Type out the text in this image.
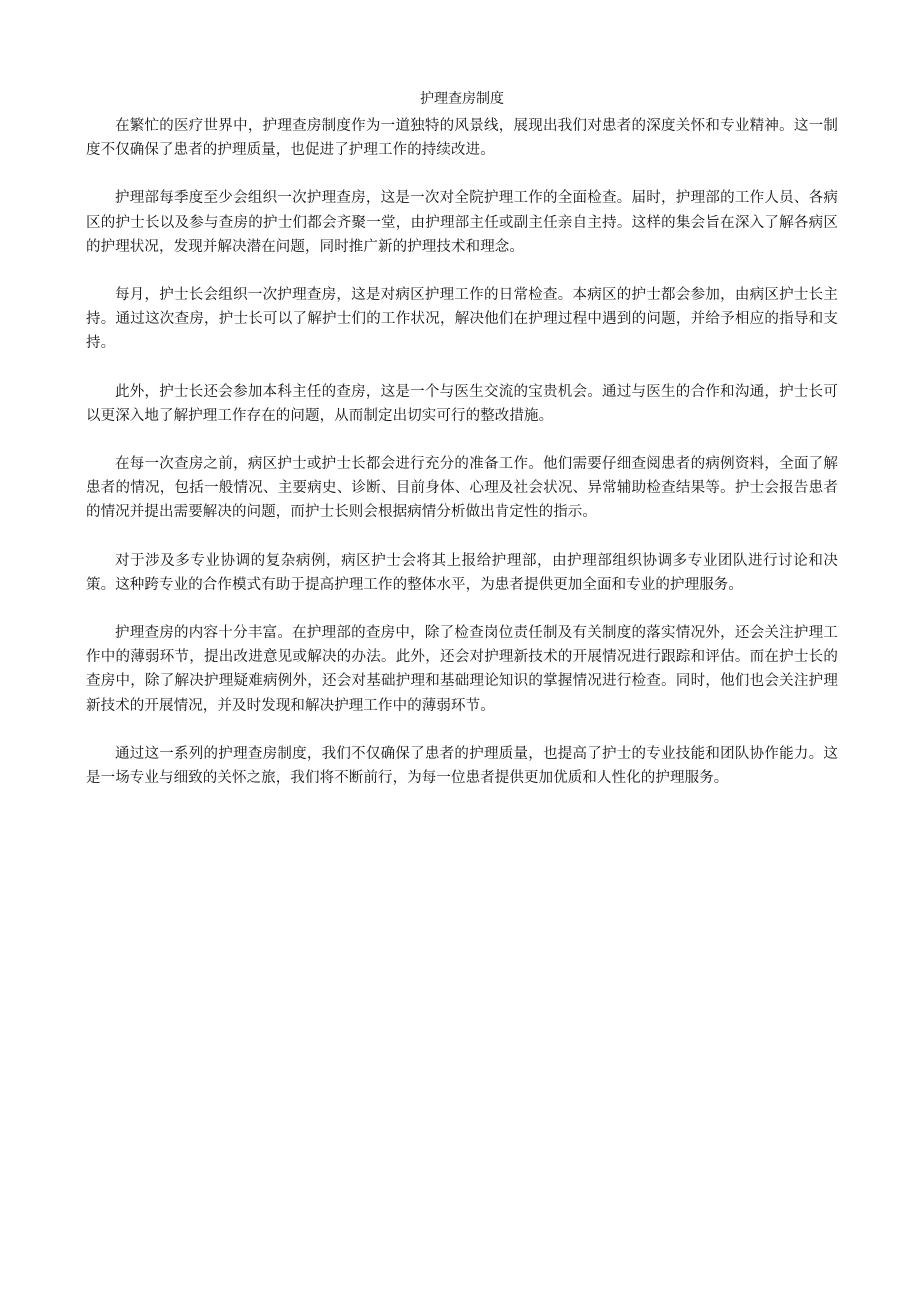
护理查房制度

在繁忙的医疗世界中，护理查房制度作为一道独特的风景线，展现出我们对患者的深度关怀和专业精神。这一制度不仅确保了患者的护理质量，也促进了护理工作的持续改进。

护理部每季度至少会组织一次护理查房，这是一次对全院护理工作的全面检查。届时，护理部的工作人员、各病区的护士长以及参与查房的护士们都会齐聚一堂，由护理部主任或副主任亲自主持。这样的集会旨在深入了解各病区的护理状况，发现并解决潜在问题，同时推广新的护理技术和理念。

每月，护士长会组织一次护理查房，这是对病区护理工作的日常检查。本病区的护士都会参加，由病区护士长主持。通过这次查房，护士长可以了解护士们的工作状况，解决他们在护理过程中遇到的问题，并给予相应的指导和支持。

此外，护士长还会参加本科主任的查房，这是一个与医生交流的宝贵机会。通过与医生的合作和沟通，护士长可以更深入地了解护理工作存在的问题，从而制定出切实可行的整改措施。

在每一次查房之前，病区护士或护士长都会进行充分的准备工作。他们需要仔细查阅患者的病例资料，全面了解患者的情况，包括一般情况、主要病史、诊断、目前身体、心理及社会状况、异常辅助检查结果等。护士会报告患者的情况并提出需要解决的问题，而护士长则会根据病情分析做出肯定性的指示。

对于涉及多专业协调的复杂病例，病区护士会将其上报给护理部，由护理部组织协调多专业团队进行讨论和决策。这种跨专业的合作模式有助于提高护理工作的整体水平，为患者提供更加全面和专业的护理服务。

护理查房的内容十分丰富。在护理部的查房中，除了检查岗位责任制及有关制度的落实情况外，还会关注护理工作中的薄弱环节，提出改进意见或解决的办法。此外，还会对护理新技术的开展情况进行跟踪和评估。而在护士长的查房中，除了解决护理疑难病例外，还会对基础护理和基础理论知识的掌握情况进行检查。同时，他们也会关注护理新技术的开展情况，并及时发现和解决护理工作中的薄弱环节。

通过这一系列的护理查房制度，我们不仅确保了患者的护理质量，也提高了护士的专业技能和团队协作能力。这是一场专业与细致的关怀之旅，我们将不断前行，为每一位患者提供更加优质和人性化的护理服务。
